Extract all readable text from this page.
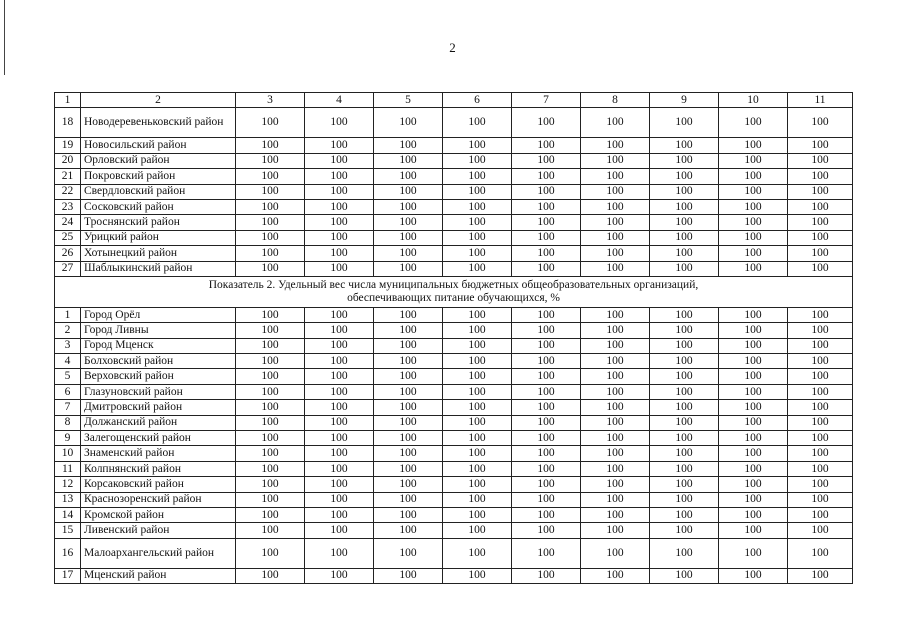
2
1	2	3	4	5	6	7	8	9	10	11
18	Новодеревеньковский район	100	100	100	100	100	100	100	100	100
19	Новосильский район	100	100	100	100	100	100	100	100	100
20	Орловский район	100	100	100	100	100	100	100	100	100
21	Покровский район	100	100	100	100	100	100	100	100	100
22	Свердловский район	100	100	100	100	100	100	100	100	100
23	Сосковский район	100	100	100	100	100	100	100	100	100
24	Троснянский район	100	100	100	100	100	100	100	100	100
25	Урицкий район	100	100	100	100	100	100	100	100	100
26	Хотынецкий район	100	100	100	100	100	100	100	100	100
27	Шаблыкинский район	100	100	100	100	100	100	100	100	100

Показатель 2. Удельный вес числа муниципальных бюджетных общеобразовательных организаций,
обеспечивающих питание обучающихся, %										

1	Город Орёл	100	100	100	100	100	100	100	100	100
2	Город Ливны	100	100	100	100	100	100	100	100	100
3	Город Мценск	100	100	100	100	100	100	100	100	100
4	Болховский район	100	100	100	100	100	100	100	100	100
5	Верховский район	100	100	100	100	100	100	100	100	100
6	Глазуновский район	100	100	100	100	100	100	100	100	100
7	Дмитровский район	100	100	100	100	100	100	100	100	100
8	Должанский район	100	100	100	100	100	100	100	100	100
9	Залегощенский район	100	100	100	100	100	100	100	100	100
10	Знаменский район	100	100	100	100	100	100	100	100	100
11	Колпнянский район	100	100	100	100	100	100	100	100	100
12	Корсаковский район	100	100	100	100	100	100	100	100	100
13	Краснозоренский район	100	100	100	100	100	100	100	100	100
14	Кромской район	100	100	100	100	100	100	100	100	100
15	Ливенский район	100	100	100	100	100	100	100	100	100
16	Малоархангельский район	100	100	100	100	100	100	100	100	100
17	Мценский район	100	100	100	100	100	100	100	100	100
